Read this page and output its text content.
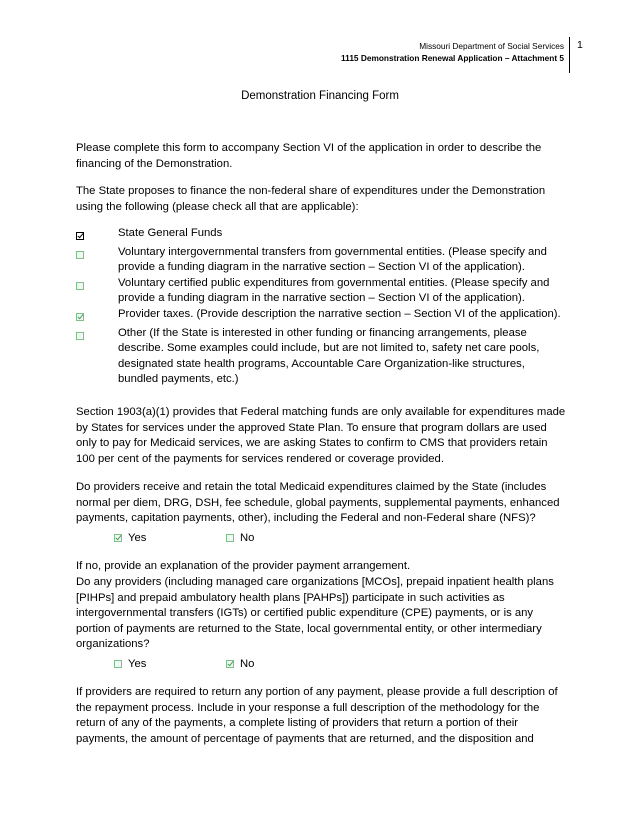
Missouri Department of Social Services
1115 Demonstration Renewal Application – Attachment 5
1
Demonstration Financing Form

Please complete this form to accompany Section VI of the application in order to describe the financing of the Demonstration.

The State proposes to finance the non-federal share of expenditures under the Demonstration using the following (please check all that are applicable):

State General Funds
Voluntary intergovernmental transfers from governmental entities. (Please specify and provide a funding diagram in the narrative section – Section VI of the application).
Voluntary certified public expenditures from governmental entities. (Please specify and provide a funding diagram in the narrative section – Section VI of the application).
Provider taxes. (Provide description the narrative section – Section VI of the application).
Other (If the State is interested in other funding or financing arrangements, please describe. Some examples could include, but are not limited to, safety net care pools, designated state health programs, Accountable Care Organization-like structures, bundled payments, etc.)

Section 1903(a)(1) provides that Federal matching funds are only available for expenditures made by States for services under the approved State Plan. To ensure that program dollars are used only to pay for Medicaid services, we are asking States to confirm to CMS that providers retain 100 per cent of the payments for services rendered or coverage provided.

Do providers receive and retain the total Medicaid expenditures claimed by the State (includes normal per diem, DRG, DSH, fee schedule, global payments, supplemental payments, enhanced payments, capitation payments, other), including the Federal and non-Federal share (NFS)?

Yes	No

If no, provide an explanation of the provider payment arrangement.

Do any providers (including managed care organizations [MCOs], prepaid inpatient health plans [PIHPs] and prepaid ambulatory health plans [PAHPs]) participate in such activities as intergovernmental transfers (IGTs) or certified public expenditure (CPE) payments, or is any portion of payments are returned to the State, local governmental entity, or other intermediary organizations?

Yes	No

If providers are required to return any portion of any payment, please provide a full description of the repayment process. Include in your response a full description of the methodology for the return of any of the payments, a complete listing of providers that return a portion of their payments, the amount of percentage of payments that are returned, and the disposition and
